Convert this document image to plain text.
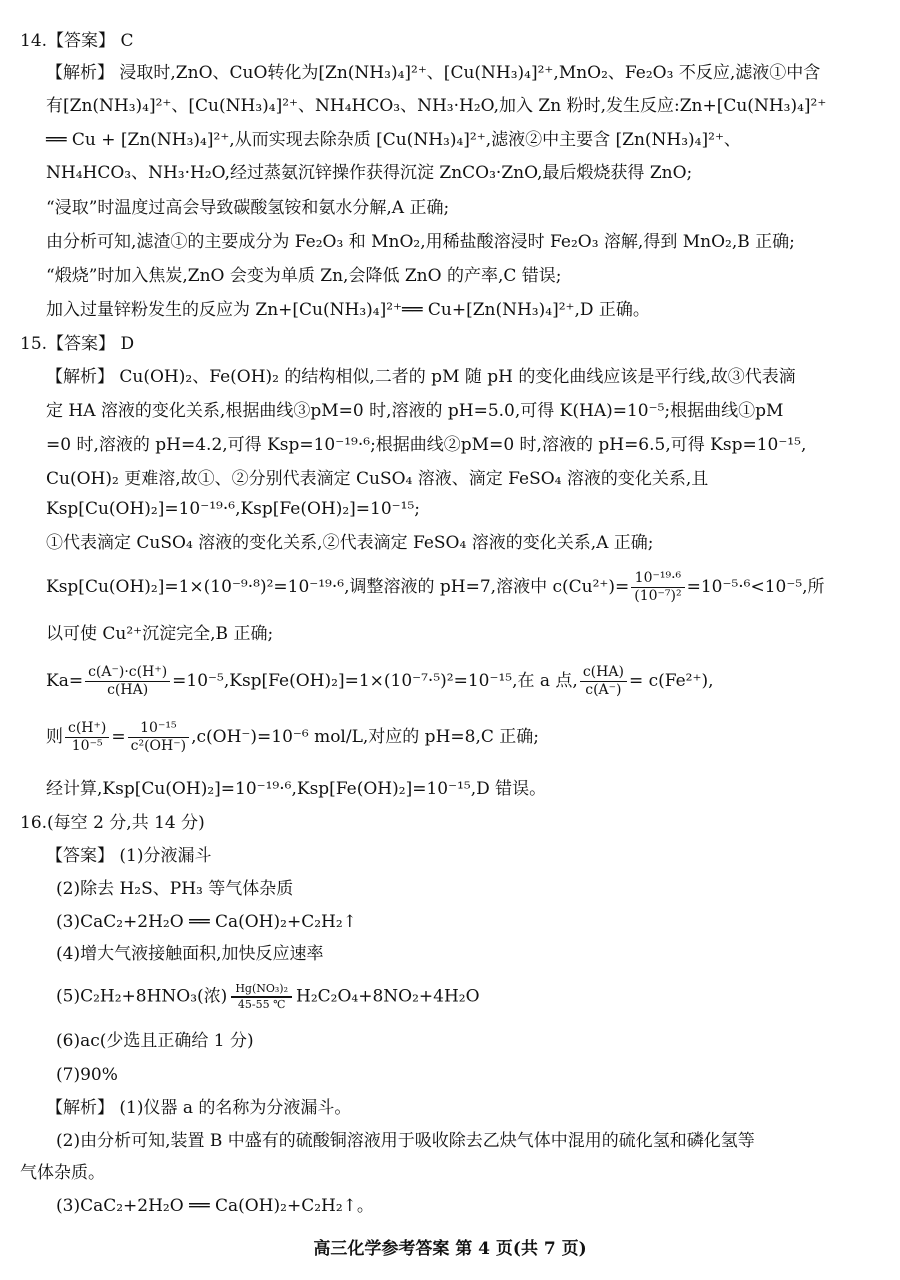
14.【答案】 C
【解析】 浸取时,ZnO、CuO转化为[Zn(NH₃)₄]²⁺、[Cu(NH₃)₄]²⁺,MnO₂、Fe₂O₃ 不反应,滤液①中含
有[Zn(NH₃)₄]²⁺、[Cu(NH₃)₄]²⁺、NH₄HCO₃、NH₃·H₂O,加入 Zn 粉时,发生反应:Zn+[Cu(NH₃)₄]²⁺
══ Cu + [Zn(NH₃)₄]²⁺,从而实现去除杂质 [Cu(NH₃)₄]²⁺,滤液②中主要含 [Zn(NH₃)₄]²⁺、
NH₄HCO₃、NH₃·H₂O,经过蒸氨沉锌操作获得沉淀 ZnCO₃·ZnO,最后煅烧获得 ZnO;
“浸取”时温度过高会导致碳酸氢铵和氨水分解,A 正确;
由分析可知,滤渣①的主要成分为 Fe₂O₃ 和 MnO₂,用稀盐酸溶浸时 Fe₂O₃ 溶解,得到 MnO₂,B 正确;
“煅烧”时加入焦炭,ZnO 会变为单质 Zn,会降低 ZnO 的产率,C 错误;
加入过量锌粉发生的反应为 Zn+[Cu(NH₃)₄]²⁺══ Cu+[Zn(NH₃)₄]²⁺,D 正确。
15.【答案】 D
【解析】 Cu(OH)₂、Fe(OH)₂ 的结构相似,二者的 pM 随 pH 的变化曲线应该是平行线,故③代表滴
定 HA 溶液的变化关系,根据曲线③pM=0 时,溶液的 pH=5.0,可得 K(HA)=10⁻⁵;根据曲线①pM
=0 时,溶液的 pH=4.2,可得 Ksp=10⁻¹⁹·⁶;根据曲线②pM=0 时,溶液的 pH=6.5,可得 Ksp=10⁻¹⁵,
Cu(OH)₂ 更难溶,故①、②分别代表滴定 CuSO₄ 溶液、滴定 FeSO₄ 溶液的变化关系,且
Ksp[Cu(OH)₂]=10⁻¹⁹·⁶,Ksp[Fe(OH)₂]=10⁻¹⁵;
①代表滴定 CuSO₄ 溶液的变化关系,②代表滴定 FeSO₄ 溶液的变化关系,A 正确;
Ksp[Cu(OH)₂]=1×(10⁻⁹·⁸)²=10⁻¹⁹·⁶,调整溶液的 pH=7,溶液中 $c(Cu^{2+})= \frac{\text{10⁻¹⁹·⁶}}{\text{(10⁻⁷)²}} =10^{-5}\cdot^6<10^{-5}$,所
以可使 Cu²⁺沉淀完全,B 正确;
$Ka= \frac{c(A^-)\cdot c(H^+)}{c(HA)} =10^{-5},Ksp[Fe(OH)_2]=1\times(10^{-7}\cdot^5)^2=10^{-15}$,在 a 点, $\frac{c(HA)}{c(A^-)} = c(Fe^{2+})$,
则 $\frac{c(H^+)}{\text{10⁻⁵}} = \frac{\text{10⁻¹⁵}}{\text{c²(OH⁻)}} ,c(OH^-)=10^{-6}$ mol/L,对应的 pH=8,C 正确;
经计算,Ksp[Cu(OH)₂]=10⁻¹⁹·⁶,Ksp[Fe(OH)₂]=10⁻¹⁵,D 错误。
16.(每空 2 分,共 14 分)
【答案】 (1)分液漏斗
(2)除去 H₂S、PH₃ 等气体杂质
(3)CaC₂+2H₂O ══ Ca(OH)₂+C₂H₂↑
(4)增大气液接触面积,加快反应速率
(5)C₂H₂+8HNO₃(浓) $\frac{\text{Hg(NO₃)₂}}{45-55 ℃} H_2C_2O_4+8NO_2+4H_2O$
(6)ac(少选且正确给 1 分)
(7)90%
【解析】 (1)仪器 a 的名称为分液漏斗。
(2)由分析可知,装置 B 中盛有的硫酸铜溶液用于吸收除去乙炔气体中混用的硫化氢和磷化氢等
气体杂质。
(3)CaC₂+2H₂O ══ Ca(OH)₂+C₂H₂↑。
高三化学参考答案 第 4 页(共 7 页)
